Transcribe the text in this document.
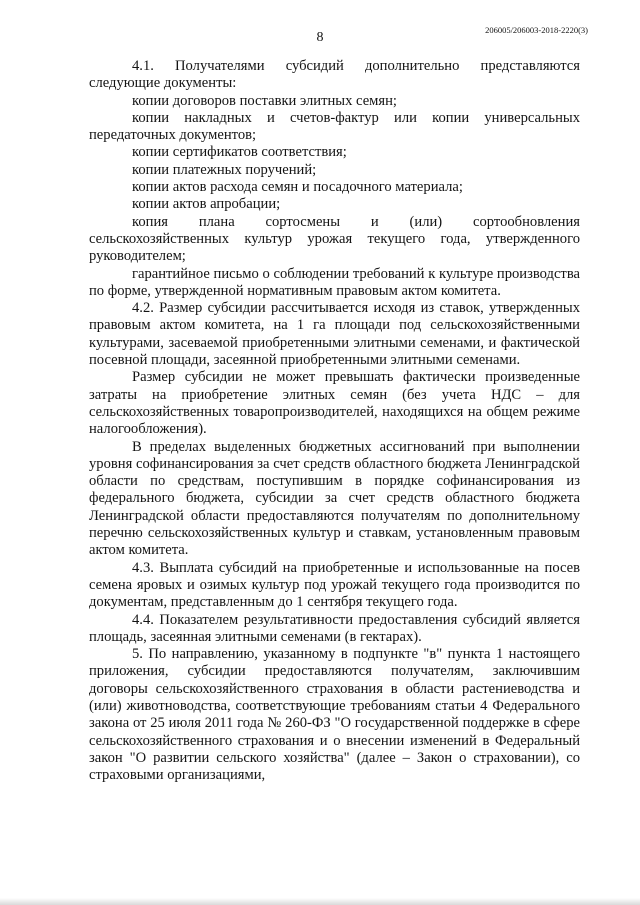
8	206005/206003-2018-2220(3)

4.1. Получателями субсидий дополнительно представляются следующие документы:

копии договоров поставки элитных семян;

копии накладных и счетов-фактур или копии универсальных передаточных документов;

копии сертификатов соответствия;

копии платежных поручений;

копии актов расхода семян и посадочного материала;

копии актов апробации;

копия плана сортосмены и (или) сортообновления сельскохозяйственных культур урожая текущего года, утвержденного руководителем;

гарантийное письмо о соблюдении требований к культуре производства по форме, утвержденной нормативным правовым актом комитета.

4.2. Размер субсидии рассчитывается исходя из ставок, утвержденных правовым актом комитета, на 1 га площади под сельскохозяйственными культурами, засеваемой приобретенными элитными семенами, и фактической посевной площади, засеянной приобретенными элитными семенами.

Размер субсидии не может превышать фактически произведенные затраты на приобретение элитных семян (без учета НДС – для сельскохозяйственных товаропроизводителей, находящихся на общем режиме налогообложения).

В пределах выделенных бюджетных ассигнований при выполнении уровня софинансирования за счет средств областного бюджета Ленинградской области по средствам, поступившим в порядке софинансирования из федерального бюджета, субсидии за счет средств областного бюджета Ленинградской области предоставляются получателям по дополнительному перечню сельскохозяйственных культур и ставкам, установленным правовым актом комитета.

4.3. Выплата субсидий на приобретенные и использованные на посев семена яровых и озимых культур под урожай текущего года производится по документам, представленным до 1 сентября текущего года.

4.4. Показателем результативности предоставления субсидий является площадь, засеянная элитными семенами (в гектарах).

5. По направлению, указанному в подпункте "в" пункта 1 настоящего приложения, субсидии предоставляются получателям, заключившим договоры сельскохозяйственного страхования в области растениеводства и (или) животноводства, соответствующие требованиям статьи 4 Федерального закона от 25 июля 2011 года № 260-ФЗ "О государственной поддержке в сфере сельскохозяйственного страхования и о внесении изменений в Федеральный закон "О развитии сельского хозяйства" (далее – Закон о страховании), со страховыми организациями,
